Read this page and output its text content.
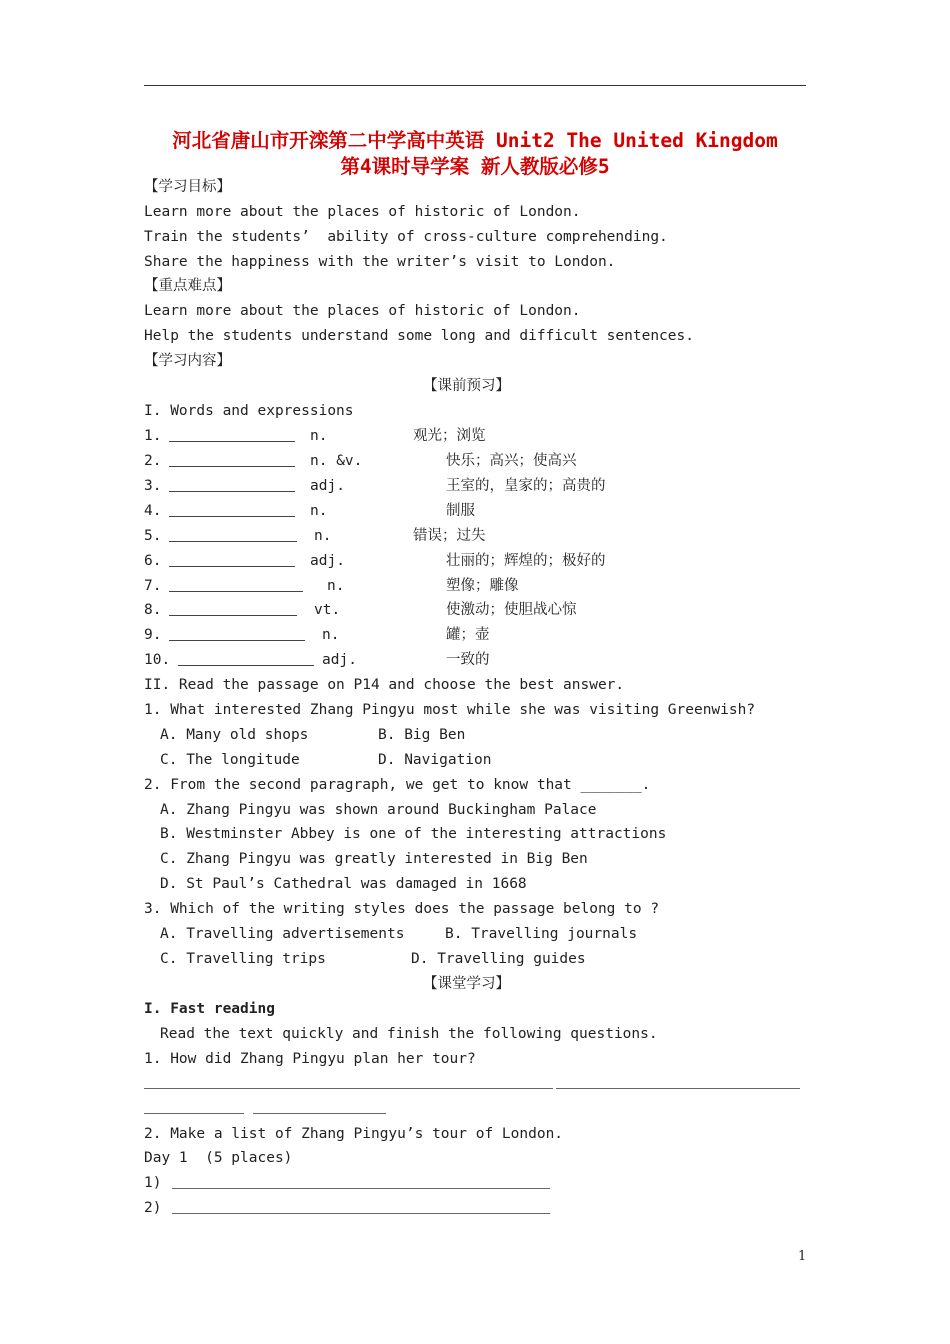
河北省唐山市开滦第二中学高中英语 Unit2 The United Kingdom
第4课时导学案 新人教版必修5
【学习目标】
Learn more about the places of historic of London.
Train the students’  ability of cross-culture comprehending.
Share the happiness with the writer’s visit to London.
【重点难点】
Learn more about the places of historic of London.
Help the students understand some long and difficult sentences.
【学习内容】
【课前预习】
I. Words and expressions
1.	n.	观光；浏览
2.	n. &v.	快乐；高兴；使高兴
3.	adj.	王室的，皇家的；高贵的
4.	n.	制服
5.	n.	错误；过失
6.	adj.	壮丽的；辉煌的；极好的
7.	n.	塑像；雕像
8.	vt.	使激动；使胆战心惊
9.	n.	罐；壶
10.	adj.	一致的
II. Read the passage on P14 and choose the best answer.
1. What interested Zhang Pingyu most while she was visiting Greenwish?
A. Many old shops	B. Big Ben
C. The longitude	D. Navigation
2. From the second paragraph, we get to know that _______.
A. Zhang Pingyu was shown around Buckingham Palace
B. Westminster Abbey is one of the interesting attractions
C. Zhang Pingyu was greatly interested in Big Ben
D. St Paul’s Cathedral was damaged in 1668
3. Which of the writing styles does the passage belong to ?
A. Travelling advertisements	B. Travelling journals
C. Travelling trips	D. Travelling guides
【课堂学习】
I. Fast reading
Read the text quickly and finish the following questions.
1. How did Zhang Pingyu plan her tour?
2. Make a list of Zhang Pingyu’s tour of London.
Day 1  (5 places)
1)
2)
1
